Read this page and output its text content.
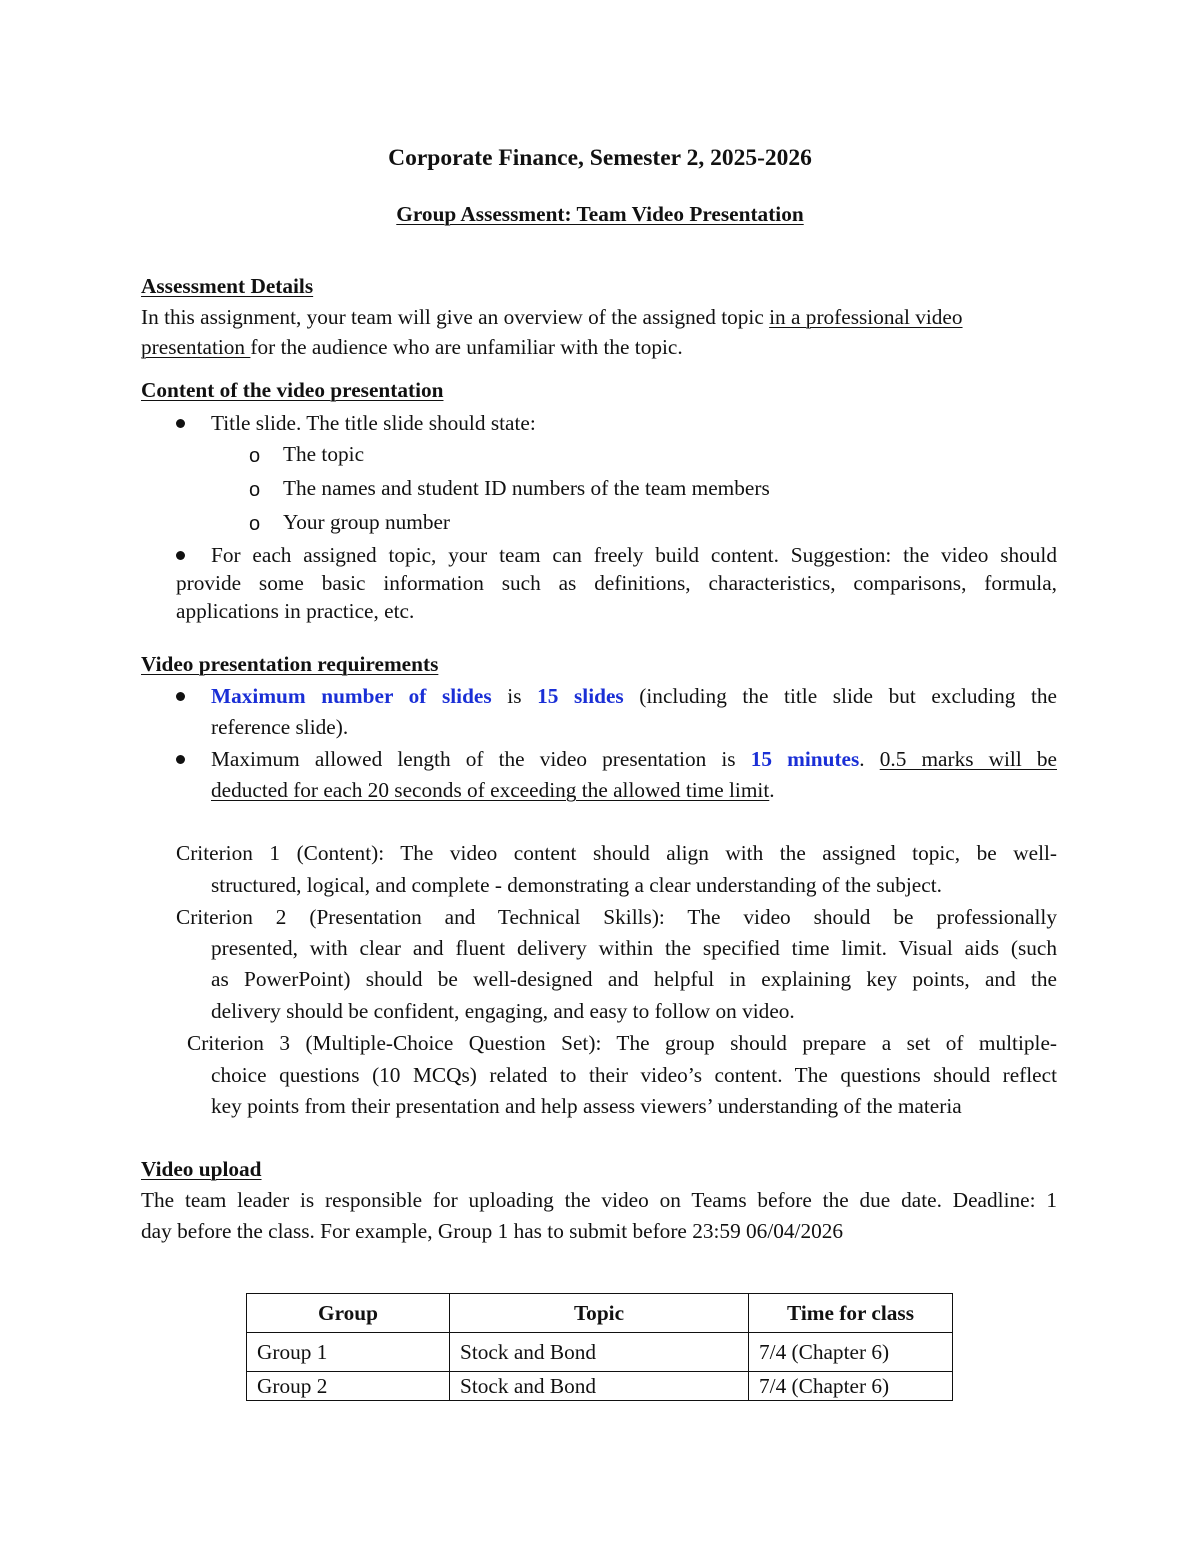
Corporate Finance, Semester 2, 2025-2026
Group Assessment: Team Video Presentation
Assessment Details
In this assignment, your team will give an overview of the assigned topic in a professional video
presentation for the audience who are unfamiliar with the topic.
Content of the video presentation
Title slide. The title slide should state:
o The topic
o The names and student ID numbers of the team members
o Your group number
For each assigned topic, your team can freely build content. Suggestion: the video should
provide some basic information such as definitions, characteristics, comparisons, formula,
applications in practice, etc.
Video presentation requirements
Maximum number of slides is 15 slides (including the title slide but excluding the
reference slide).
Maximum allowed length of the video presentation is 15 minutes. 0.5 marks will be
deducted for each 20 seconds of exceeding the allowed time limit.
Criterion 1 (Content): The video content should align with the assigned topic, be well-
structured, logical, and complete - demonstrating a clear understanding of the subject.
Criterion 2 (Presentation and Technical Skills): The video should be professionally
presented, with clear and fluent delivery within the specified time limit. Visual aids (such
as PowerPoint) should be well-designed and helpful in explaining key points, and the
delivery should be confident, engaging, and easy to follow on video.
Criterion 3 (Multiple-Choice Question Set): The group should prepare a set of multiple-
choice questions (10 MCQs) related to their video’s content. The questions should reflect
key points from their presentation and help assess viewers’ understanding of the materia
Video upload
The team leader is responsible for uploading the video on Teams before the due date. Deadline: 1
day before the class. For example, Group 1 has to submit before 23:59 06/04/2026
Group	Topic	Time for class
Group 1	Stock and Bond	7/4 (Chapter 6)
Group 2	Stock and Bond	7/4 (Chapter 6)
